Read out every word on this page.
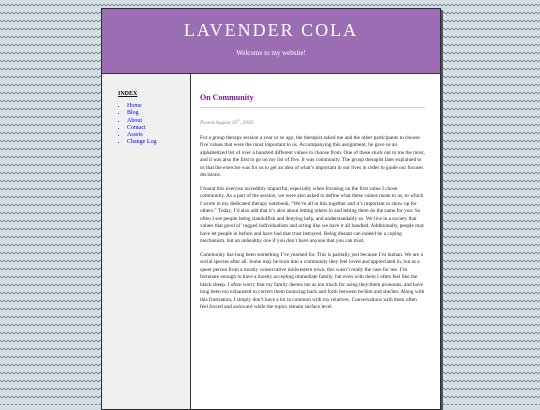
LAVENDER COLA
Welcome to my website!
INDEX
• Home
• Blog
• About
• Contact
• Assets
• Change Log
On Community
Posted August 10th, 2026.

For a group therapy session a year or so ago, the therapist asked me and the other participants to choose five values that were the most important to us. Accompanying this assignment, he gave us an alphabetized list of over a hundred different values to choose from. One of these stuck out to me the most, and it was also the first to go on my list of five. It was community. The group therapist later explained to us that the exercise was for us to get an idea of what’s important in our lives in order to guide our focuses decisions.

I found this exercise incredibly impactful, especially when focusing on the first value I chose: community. As a part of the session, we were also asked to define what these values mean to us, to which I wrote in my dedicated therapy notebook, “We’re all in this together and it’s important to show up for others.” Today, I’d also add that it’s also about letting others in and letting them do the same for you. So often I see people being standoffish and denying help, and understandably so. We live in a society that values that good ol’ rugged individualism and acting like we have it all handled. Additionally, people may have let people in before and have had that trust betrayed. Being distant can indeed be a coping mechanism, but an unhealthy one if you don’t have anyone that you can trust.

Community has long been something I’ve yearned for. This is partially just because I’m human. We are a social species after all. Some may be born into a community they feel loved and appreciated in, but as a queer person from a mostly conservative midwestern town, this wasn’t really the case for me. I’m fortunate enough to have a mostly accepting immediate family, but even with them I often feel like the black sheep. I often worry that my family deems me as too much for using they/them pronouns, and have long been too exhausted to correct them bouncing back and forth between he/him and she/her. Along with this frustration, I simply don’t have a lot in common with my relatives. Conversations with them often feel forced and awkward while the topics remain surface level.
